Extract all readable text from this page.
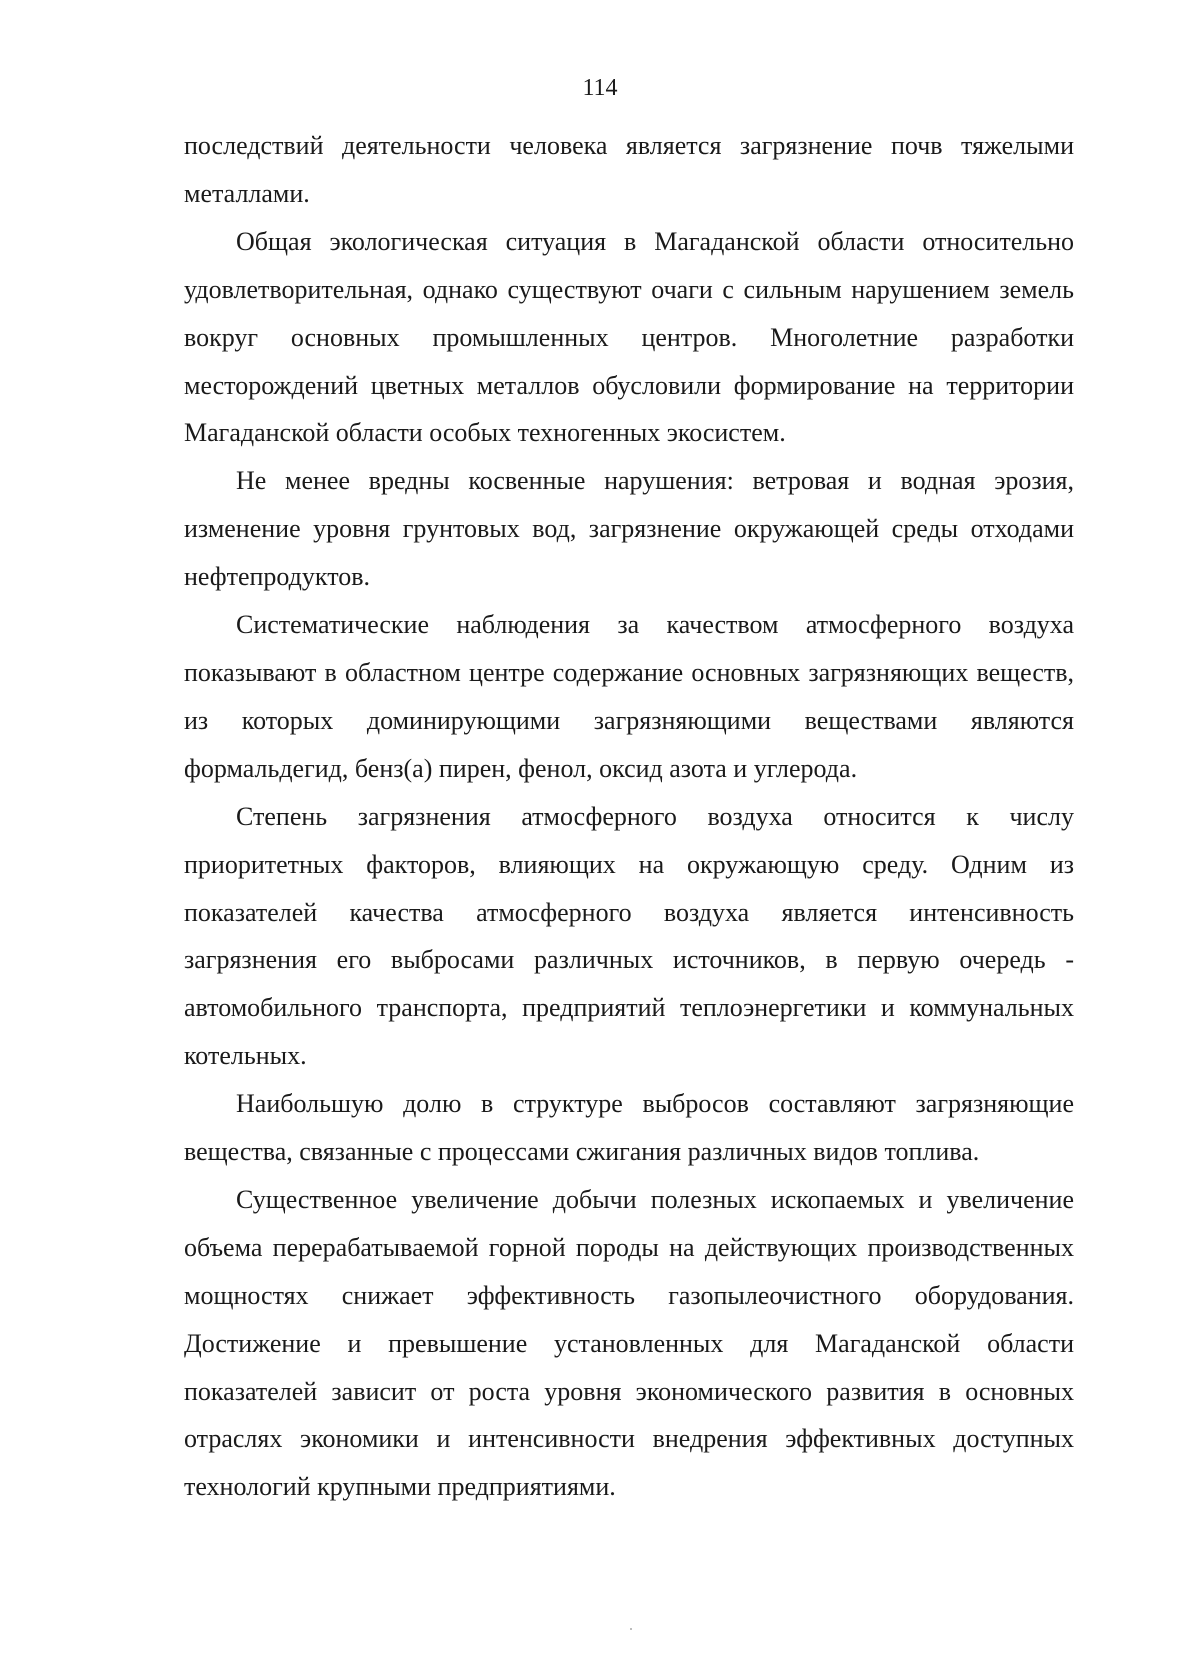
114

последствий деятельности человека является загрязнение почв тяжелыми металлами.

Общая экологическая ситуация в Магаданской области относительно удовлетворительная, однако существуют очаги с сильным нарушением земель вокруг основных промышленных центров. Многолетние разработки месторождений цветных металлов обусловили формирование на территории Магаданской области особых техногенных экосистем.

Не менее вредны косвенные нарушения: ветровая и водная эрозия, изменение уровня грунтовых вод, загрязнение окружающей среды отходами нефтепродуктов.

Систематические наблюдения за качеством атмосферного воздуха показывают в областном центре содержание основных загрязняющих веществ, из которых доминирующими загрязняющими веществами являются формальдегид, бенз(а) пирен, фенол, оксид азота и углерода.

Степень загрязнения атмосферного воздуха относится к числу приоритетных факторов, влияющих на окружающую среду. Одним из показателей качества атмосферного воздуха является интенсивность загрязнения его выбросами различных источников, в первую очередь - автомобильного транспорта, предприятий теплоэнергетики и коммунальных котельных.

Наибольшую долю в структуре выбросов составляют загрязняющие вещества, связанные с процессами сжигания различных видов топлива.

Существенное увеличение добычи полезных ископаемых и увеличение объема перерабатываемой горной породы на действующих производственных мощностях снижает эффективность газопылеочистного оборудования. Достижение и превышение установленных для Магаданской области показателей зависит от роста уровня экономического развития в основных отраслях экономики и интенсивности внедрения эффективных доступных технологий крупными предприятиями.
